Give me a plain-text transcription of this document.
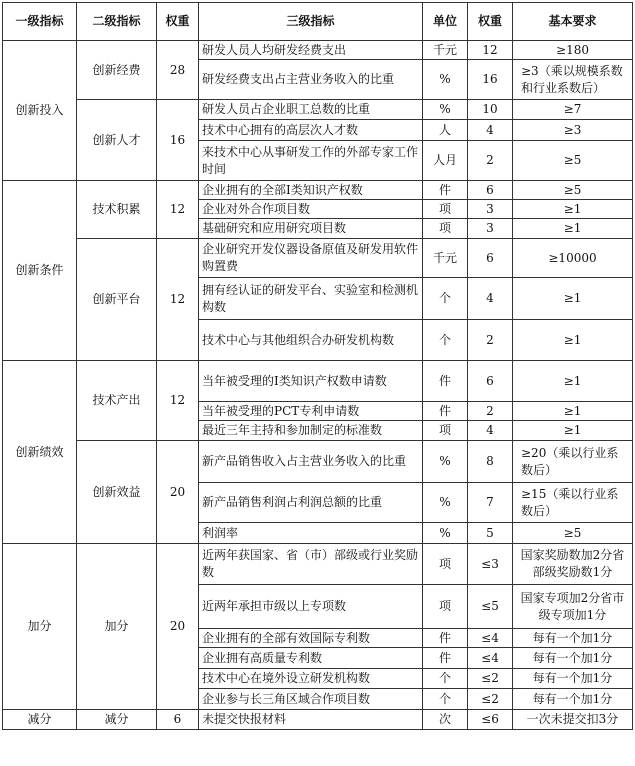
一级指标	二级指标	权重	三级指标	单位	权重	基本要求
创新投入	创新经费	28	研发人员人均研发经费支出	千元	12	≥180
			研发经费支出占主营业务收入的比重	%	16	≥3（乘以规模系数和行业系数后）
	创新人才	16	研发人员占企业职工总数的比重	%	10	≥7
			技术中心拥有的高层次人才数	人	4	≥3
			来技术中心从事研发工作的外部专家工作时间	人月	2	≥5
创新条件	技术积累	12	企业拥有的全部Ⅰ类知识产权数	件	6	≥5
			企业对外合作项目数	项	3	≥1
			基础研究和应用研究项目数	项	3	≥1
	创新平台	12	企业研究开发仪器设备原值及研发用软件购置费	千元	6	≥10000
			拥有经认证的研发平台、实验室和检测机构数	个	4	≥1
			技术中心与其他组织合办研发机构数	个	2	≥1
创新绩效	技术产出	12	当年被受理的Ⅰ类知识产权数申请数	件	6	≥1
			当年被受理的PCT专利申请数	件	2	≥1
			最近三年主持和参加制定的标准数	项	4	≥1
	创新效益	20	新产品销售收入占主营业务收入的比重	%	8	≥20（乘以行业系数后）
			新产品销售利润占利润总额的比重	%	7	≥15（乘以行业系数后）
			利润率	%	5	≥5
加分	加分	20	近两年获国家、省（市）部级或行业奖励数	项	≤3	国家奖励数加2分省部级奖励数1分
			近两年承担市级以上专项数	项	≤5	国家专项加2分省市级专项加1分
			企业拥有的全部有效国际专利数	件	≤4	每有一个加1分
			企业拥有高质量专利数	件	≤4	每有一个加1分
			技术中心在境外设立研发机构数	个	≤2	每有一个加1分
			企业参与长三角区域合作项目数	个	≤2	每有一个加1分
减分	减分	6	未提交快报材料	次	≤6	一次未提交扣3分
